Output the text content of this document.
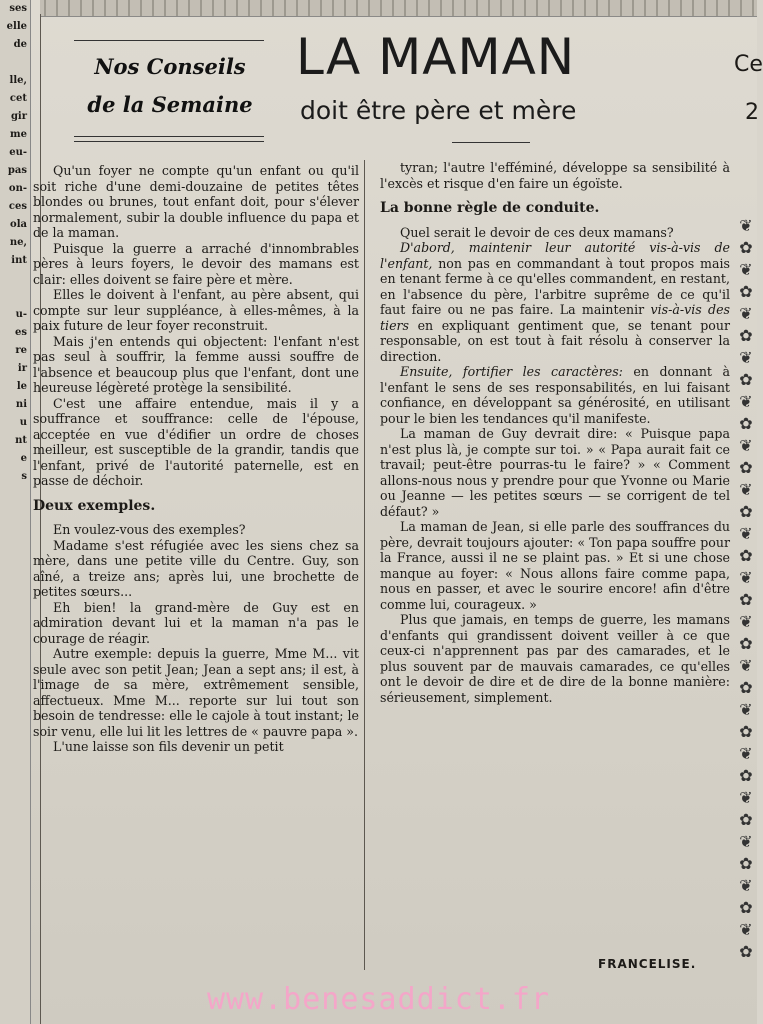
ses
elle
de

lle,
cet
gir
me
eu-
pas
on-
ces
ola
ne,
int

u-
es
re
ir
le
ni
u
nt
e
s
Nos Conseils
de la Semaine
LA MAMAN
doit être père et mère
Ce
2

Qu'un foyer ne compte qu'un enfant ou qu'il soit riche d'une demi-douzaine de petites têtes blondes ou brunes, tout enfant doit, pour s'élever normalement, subir la double influence du papa et de la maman.

Puisque la guerre a arraché d'innombrables pères à leurs foyers, le devoir des mamans est clair: elles doivent se faire père et mère.

Elles le doivent à l'enfant, au père absent, qui compte sur leur suppléance, à elles-mêmes, à la paix future de leur foyer reconstruit.

Mais j'en entends qui objectent: l'enfant n'est pas seul à souffrir, la femme aussi souffre de l'absence et beaucoup plus que l'enfant, dont une heureuse légèreté protège la sensibilité.

C'est une affaire entendue, mais il y a souffrance et souffrance: celle de l'épouse, acceptée en vue d'édifier un ordre de choses meilleur, est susceptible de la grandir, tandis que l'enfant, privé de l'autorité paternelle, est en passe de déchoir.

Deux exemples.

En voulez-vous des exemples?

Madame s'est réfugiée avec les siens chez sa mère, dans une petite ville du Centre. Guy, son aîné, a treize ans; après lui, une brochette de petites sœurs...

Eh bien! la grand-mère de Guy est en admiration devant lui et la maman n'a pas le courage de réagir.

Autre exemple: depuis la guerre, Mme M... vit seule avec son petit Jean; Jean a sept ans; il est, à l'image de sa mère, extrêmement sensible, affectueux. Mme M... reporte sur lui tout son besoin de tendresse: elle le cajole à tout instant; le soir venu, elle lui lit les lettres de « pauvre papa ».

L'une laisse son fils devenir un petit

tyran; l'autre l'efféminé, développe sa sensibilité à l'excès et risque d'en faire un égoïste.

La bonne règle de conduite.

Quel serait le devoir de ces deux mamans?

D'abord, maintenir leur autorité vis-à-vis de l'enfant, non pas en commandant à tout propos mais en tenant ferme à ce qu'elles commandent, en restant, en l'absence du père, l'arbitre suprême de ce qu'il faut faire ou ne pas faire. La maintenir vis-à-vis des tiers en expliquant gentiment que, se tenant pour responsable, on est tout à fait résolu à conserver la direction.

Ensuite, fortifier les caractères: en donnant à l'enfant le sens de ses responsabilités, en lui faisant confiance, en développant sa générosité, en utilisant pour le bien les tendances qu'il manifeste.

La maman de Guy devrait dire: « Puisque papa n'est plus là, je compte sur toi. » « Papa aurait fait ce travail; peut-être pourras-tu le faire? » « Comment allons-nous nous y prendre pour que Yvonne ou Marie ou Jeanne — les petites sœurs — se corrigent de tel défaut? »

La maman de Jean, si elle parle des souffrances du père, devrait toujours ajouter: « Ton papa souffre pour la France, aussi il ne se plaint pas. » Et si une chose manque au foyer: « Nous allons faire comme papa, nous en passer, et avec le sourire encore! afin d'être comme lui, courageux. »

Plus que jamais, en temps de guerre, les mamans d'enfants qui grandissent doivent veiller à ce que ceux-ci n'apprennent pas par des camarades, et le plus souvent par de mauvais camarades, ce qu'elles ont le devoir de dire et de dire de la bonne manière: sérieusement, simplement.

FRANCELISE.
❦
✿
❦
✿
❦
✿
❦
✿
❦
✿
❦
✿
❦
✿
❦
✿
❦
✿
❦
✿
❦
✿
❦
✿
❦
✿
❦
✿
❦
✿
❦
✿
❦
✿
www.benesaddict.fr
